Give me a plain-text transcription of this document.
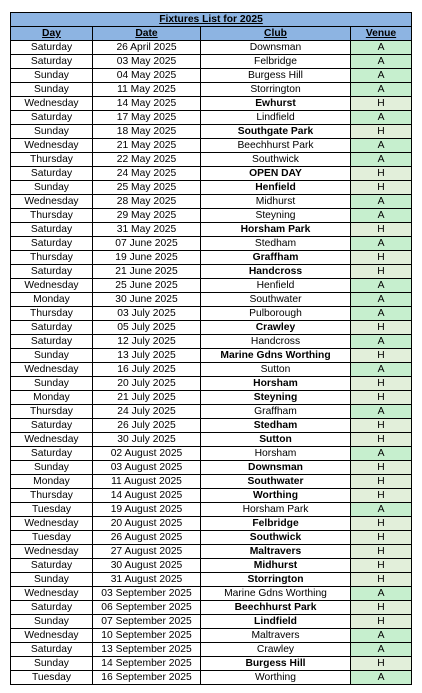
Fixtures List for 2025			
Day	Date	Club	Venue
Saturday	26 April 2025	Downsman	A
Saturday	03 May 2025	Felbridge	A
Sunday	04 May 2025	Burgess Hill	A
Sunday	11 May 2025	Storrington	A
Wednesday	14 May 2025	Ewhurst	H
Saturday	17 May 2025	Lindfield	A
Sunday	18 May 2025	Southgate Park	H
Wednesday	21 May 2025	Beechhurst Park	A
Thursday	22 May 2025	Southwick	A
Saturday	24 May 2025	OPEN DAY	H
Sunday	25 May 2025	Henfield	H
Wednesday	28 May 2025	Midhurst	A
Thursday	29 May 2025	Steyning	A
Saturday	31 May 2025	Horsham Park	H
Saturday	07 June 2025	Stedham	A
Thursday	19 June 2025	Graffham	H
Saturday	21 June 2025	Handcross	H
Wednesday	25 June 2025	Henfield	A
Monday	30 June 2025	Southwater	A
Thursday	03 July 2025	Pulborough	A
Saturday	05 July 2025	Crawley	H
Saturday	12 July 2025	Handcross	A
Sunday	13 July 2025	Marine Gdns Worthing	H
Wednesday	16 July 2025	Sutton	A
Sunday	20 July 2025	Horsham	H
Monday	21 July 2025	Steyning	H
Thursday	24 July 2025	Graffham	A
Saturday	26 July 2025	Stedham	H
Wednesday	30 July 2025	Sutton	H
Saturday	02 August 2025	Horsham	A
Sunday	03 August 2025	Downsman	H
Monday	11 August 2025	Southwater	H
Thursday	14 August 2025	Worthing	H
Tuesday	19 August 2025	Horsham Park	A
Wednesday	20 August 2025	Felbridge	H
Tuesday	26 August 2025	Southwick	H
Wednesday	27 August 2025	Maltravers	H
Saturday	30 August 2025	Midhurst	H
Sunday	31 August 2025	Storrington	H
Wednesday	03 September 2025	Marine Gdns Worthing	A
Saturday	06 September 2025	Beechhurst Park	H
Sunday	07 September 2025	Lindfield	H
Wednesday	10 September 2025	Maltravers	A
Saturday	13 September 2025	Crawley	A
Sunday	14 September 2025	Burgess Hill	H
Tuesday	16 September 2025	Worthing	A
